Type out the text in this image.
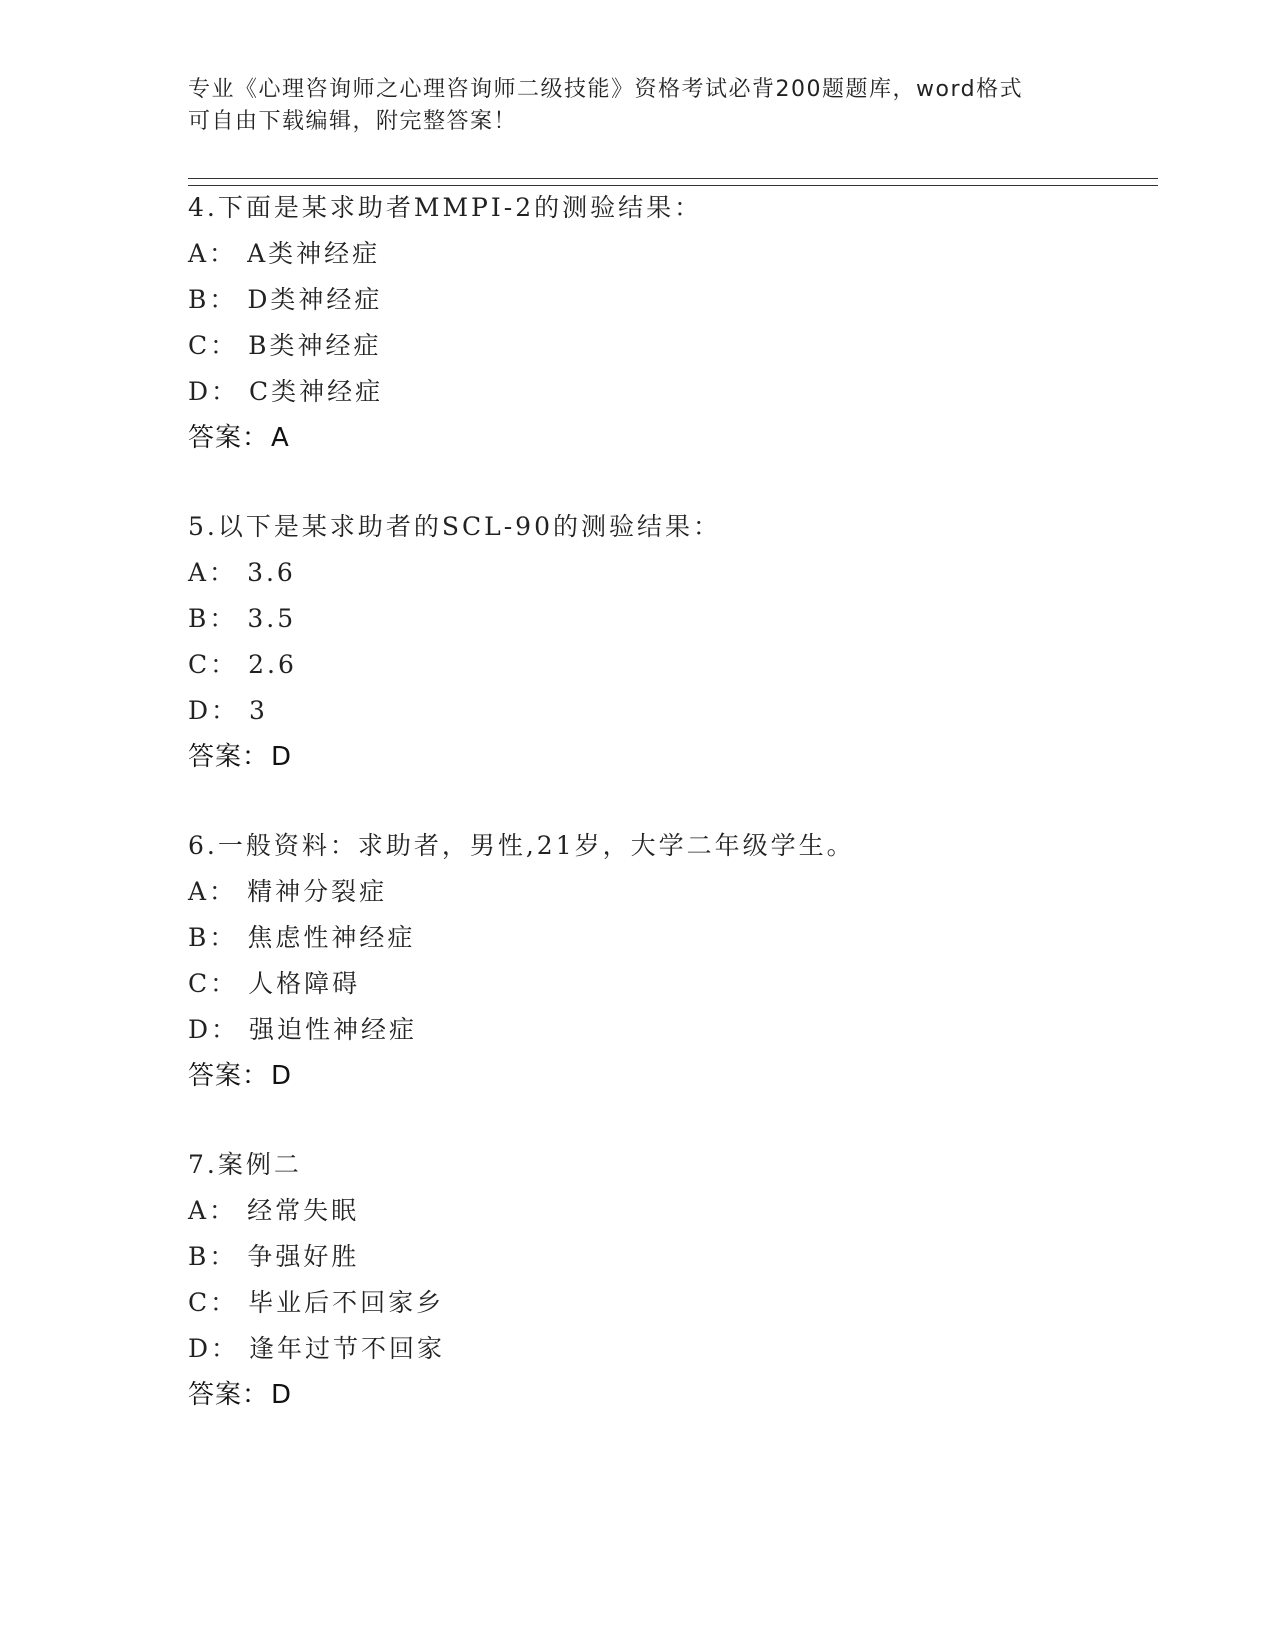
专业《心理咨询师之心理咨询师二级技能》资格考试必背200题题库，word格式
可自由下载编辑，附完整答案！
4.下面是某求助者MMPI-2的测验结果：
A： A类神经症
B： D类神经症
C： B类神经症
D： C类神经症
答案：A
5.以下是某求助者的SCL-90的测验结果：
A： 3.6
B： 3.5
C： 2.6
D： 3
答案：D
6.一般资料：求助者，男性,21岁，大学二年级学生。
A： 精神分裂症
B： 焦虑性神经症
C： 人格障碍
D： 强迫性神经症
答案：D
7.案例二
A： 经常失眠
B： 争强好胜
C： 毕业后不回家乡
D： 逢年过节不回家
答案：D
